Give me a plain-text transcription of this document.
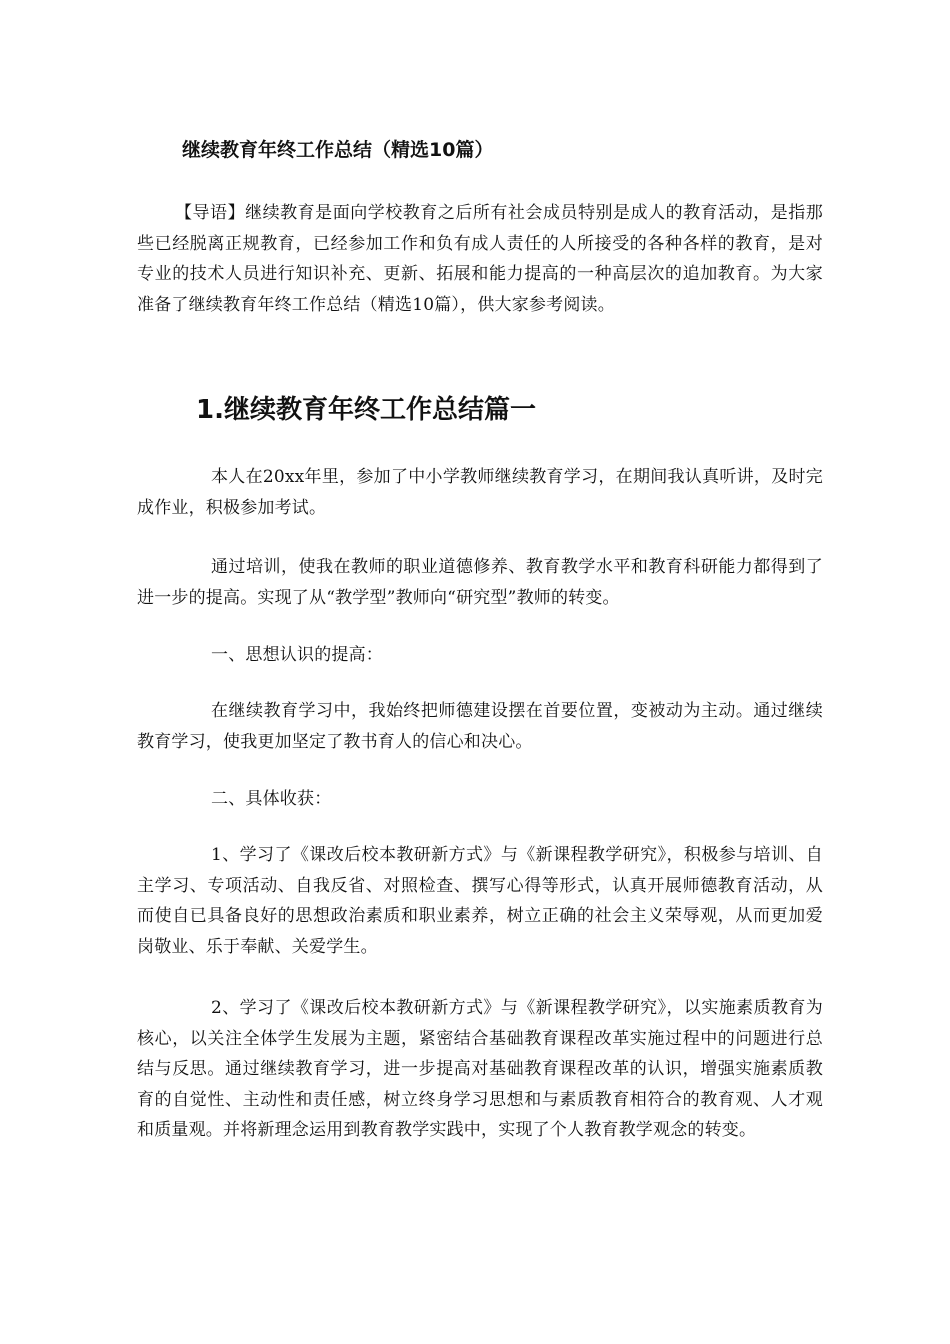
继续教育年终工作总结（精选10篇）

【导语】继续教育是面向学校教育之后所有社会成员特别是成人的教育活动，是指那些已经脱离正规教育，已经参加工作和负有成人责任的人所接受的各种各样的教育，是对专业的技术人员进行知识补充、更新、拓展和能力提高的一种高层次的追加教育。为大家准备了继续教育年终工作总结（精选10篇），供大家参考阅读。

1.继续教育年终工作总结篇一

本人在20xx年里，参加了中小学教师继续教育学习，在期间我认真听讲，及时完成作业，积极参加考试。

通过培训，使我在教师的职业道德修养、教育教学水平和教育科研能力都得到了进一步的提高。实现了从“教学型”教师向“研究型”教师的转变。

一、思想认识的提高：

在继续教育学习中，我始终把师德建设摆在首要位置，变被动为主动。通过继续教育学习，使我更加坚定了教书育人的信心和决心。

二、具体收获：

1、学习了《课改后校本教研新方式》与《新课程教学研究》，积极参与培训、自主学习、专项活动、自我反省、对照检查、撰写心得等形式，认真开展师德教育活动，从而使自已具备良好的思想政治素质和职业素养，树立正确的社会主义荣辱观，从而更加爱岗敬业、乐于奉献、关爱学生。

2、学习了《课改后校本教研新方式》与《新课程教学研究》，以实施素质教育为核心，以关注全体学生发展为主题，紧密结合基础教育课程改革实施过程中的问题进行总结与反思。通过继续教育学习，进一步提高对基础教育课程改革的认识，增强实施素质教育的自觉性、主动性和责任感，树立终身学习思想和与素质教育相符合的教育观、人才观和质量观。并将新理念运用到教育教学实践中，实现了个人教育教学观念的转变。
